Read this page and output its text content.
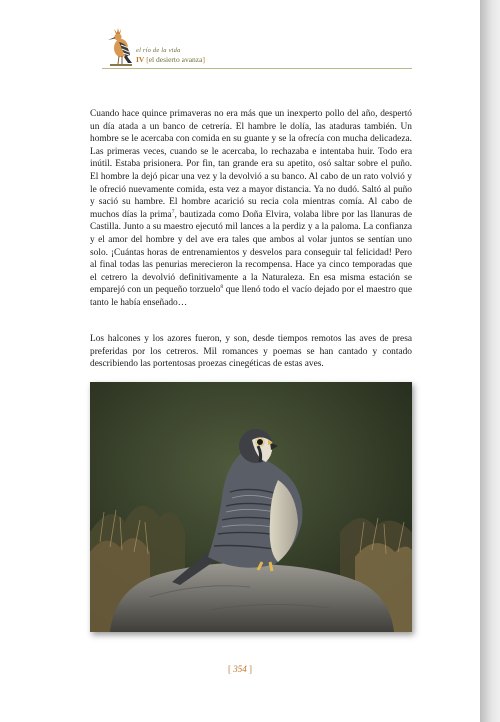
el río de la vida
IV [el desierto avanza]

Cuando hace quince primaveras no era más que un inexperto pollo del año, despertó un día atada a un banco de cetrería. El hambre le dolía, las ataduras también. Un hombre se le acercaba con comida en su guante y se la ofrecía con mucha delicadeza. Las primeras veces, cuando se le acercaba, lo rechazaba e intentaba huir. Todo era inútil. Estaba prisionera. Por fin, tan grande era su apetito, osó saltar sobre el puño. El hombre la dejó picar una vez y la devolvió a su banco. Al cabo de un rato volvió y le ofreció nuevamente comida, esta vez a mayor distancia. Ya no dudó. Saltó al puño y sació su hambre. El hombre acarició su recia cola mientras comía. Al cabo de muchos días la prima$^7$, bautizada como Doña Elvira, volaba libre por las llanuras de Castilla. Junto a su maestro ejecutó mil lances a la perdiz y a la paloma. La confianza y el amor del hombre y del ave era tales que ambos al volar juntos se sentían uno solo. ¡Cuántas horas de entrenamientos y desvelos para conseguir tal felicidad! Pero al final todas las penurias merecieron la recompensa. Hace ya cinco temporadas que el cetrero la devolvió definitivamente a la Naturaleza. En esa misma estación se emparejó con un pequeño torzuelo$^8$ que llenó todo el vacío dejado por el maestro que tanto le había enseñado…

Los halcones y los azores fueron, y son, desde tiempos remotos las aves de presa preferidas por los cetreros. Mil romances y poemas se han cantado y contado describiendo las portentosas proezas cinegéticas de estas aves.

[ 354 ]
